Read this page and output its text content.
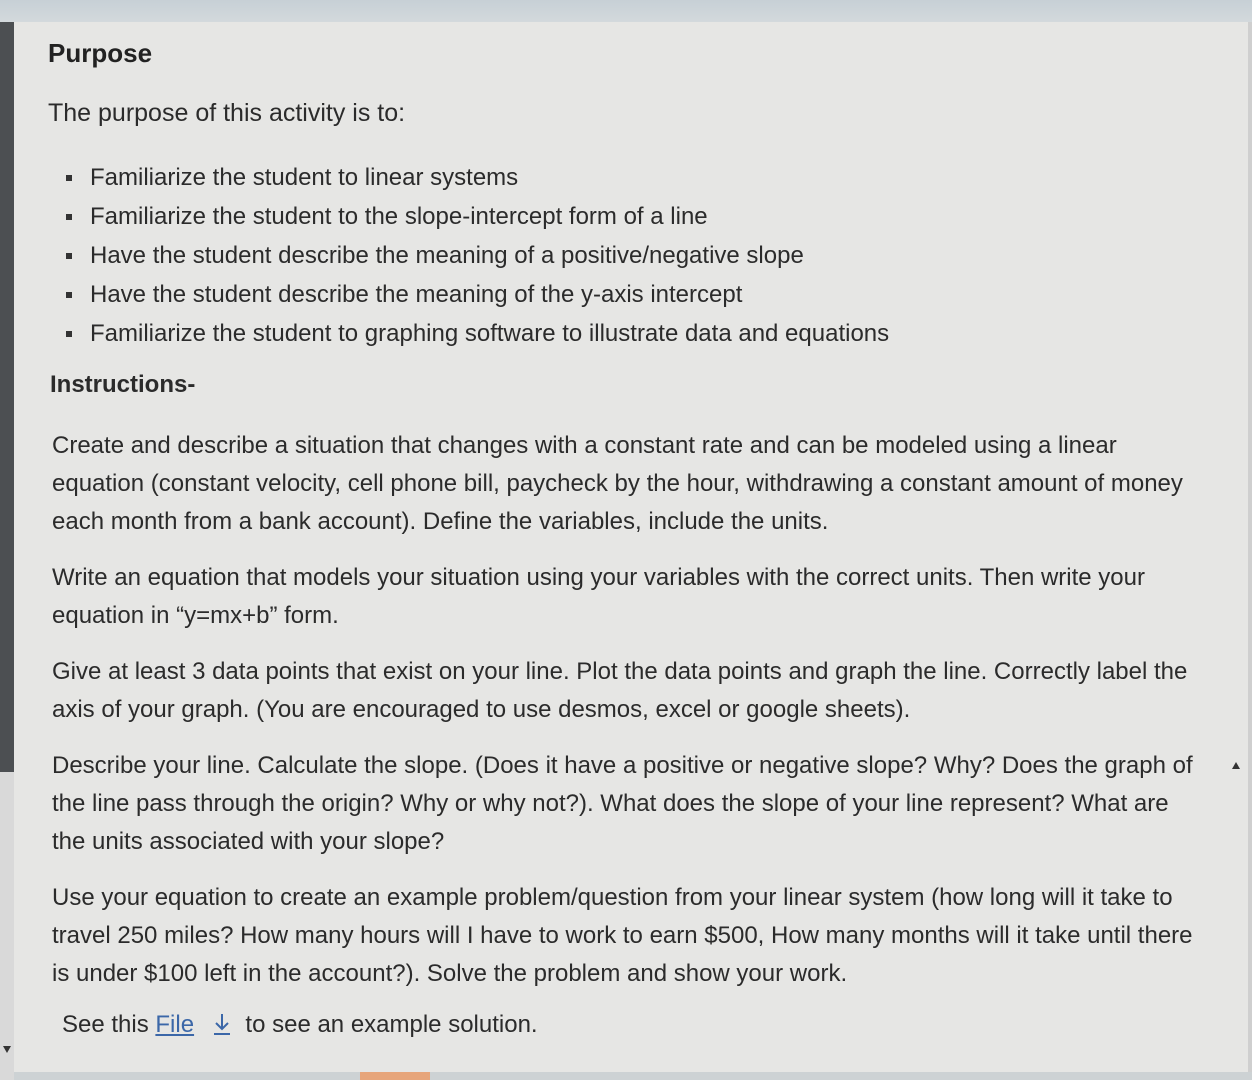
Purpose
The purpose of this activity is to:
Familiarize the student to linear systems
Familiarize the student to the slope-intercept form of a line
Have the student describe the meaning of a positive/negative slope
Have the student describe the meaning of the y-axis intercept
Familiarize the student to graphing software to illustrate data and equations
Instructions-

Create and describe a situation that changes with a constant rate and can be modeled using a linear equation (constant velocity, cell phone bill, paycheck by the hour, withdrawing a constant amount of money each month from a bank account). Define the variables, include the units.

Write an equation that models your situation using your variables with the correct units. Then write your equation in “y=mx+b” form.

Give at least 3 data points that exist on your line. Plot the data points and graph the line. Correctly label the axis of your graph. (You are encouraged to use desmos, excel or google sheets).

Describe your line. Calculate the slope. (Does it have a positive or negative slope? Why? Does the graph of the line pass through the origin? Why or why not?). What does the slope of your line represent? What are the units associated with your slope?

Use your equation to create an example problem/question from your linear system (how long will it take to travel 250 miles? How many hours will I have to work to earn $500, How many months will it take until there is under $100 left in the account?). Solve the problem and show your work.

See this File to see an example solution.
